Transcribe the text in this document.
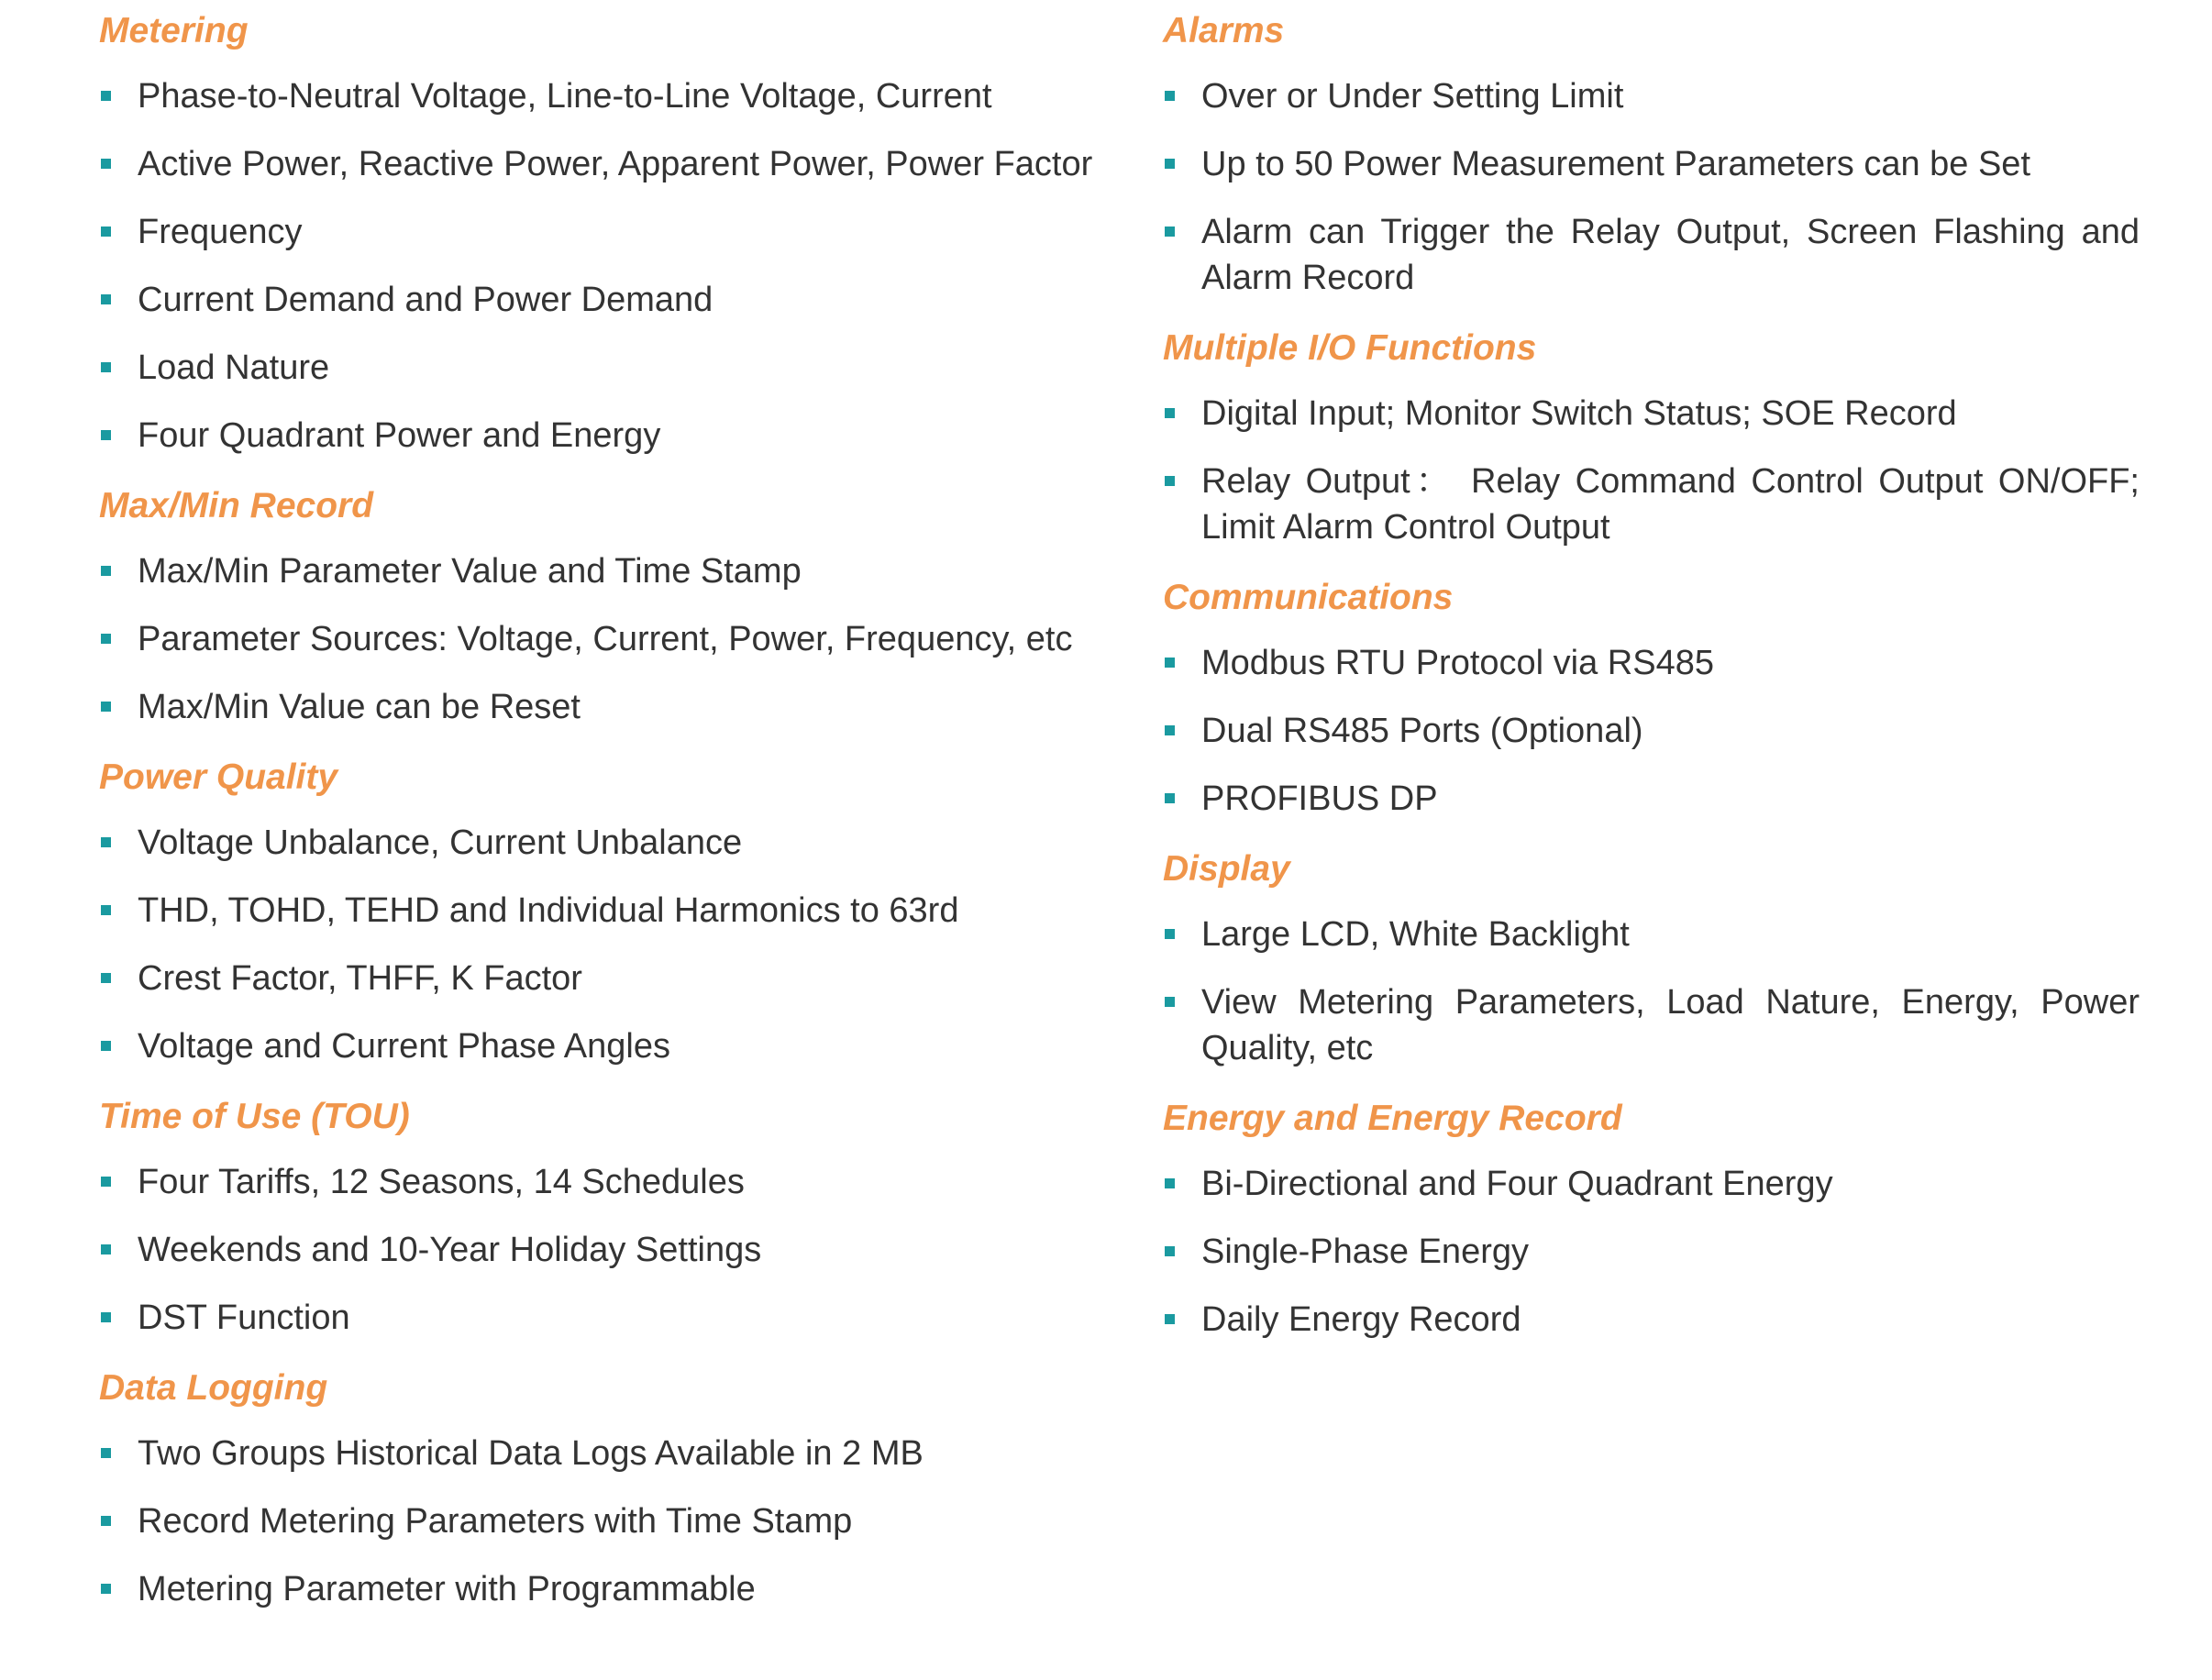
Metering
Phase-to-Neutral Voltage, Line-to-Line Voltage, Current
Active Power, Reactive Power, Apparent Power, Power Factor
Frequency
Current Demand and Power Demand
Load Nature
Four Quadrant Power and Energy
Max/Min Record
Max/Min Parameter Value and Time Stamp
Parameter Sources: Voltage, Current, Power, Frequency, etc
Max/Min Value can be Reset
Power Quality
Voltage Unbalance, Current Unbalance
THD, TOHD, TEHD and Individual Harmonics to 63rd
Crest Factor, THFF, K Factor
Voltage and Current Phase Angles
Time of Use (TOU)
Four Tariffs, 12 Seasons, 14 Schedules
Weekends and 10-Year Holiday Settings
DST Function
Data Logging
Two Groups Historical Data Logs Available in 2 MB
Record Metering Parameters with Time Stamp
Metering Parameter with Programmable
Alarms
Over or Under Setting Limit
Up to 50 Power Measurement Parameters can be Set
Alarm can Trigger the Relay Output, Screen Flashing and Alarm Record
Multiple I/O Functions
Digital Input; Monitor Switch Status; SOE Record
Relay Output： Relay Command Control Output ON/OFF; Limit Alarm Control Output
Communications
Modbus RTU Protocol via RS485
Dual RS485 Ports (Optional)
PROFIBUS DP
Display
Large LCD, White Backlight
View Metering Parameters, Load Nature, Energy, Power Quality, etc
Energy and Energy Record
Bi-Directional and Four Quadrant Energy
Single-Phase Energy
Daily Energy Record
